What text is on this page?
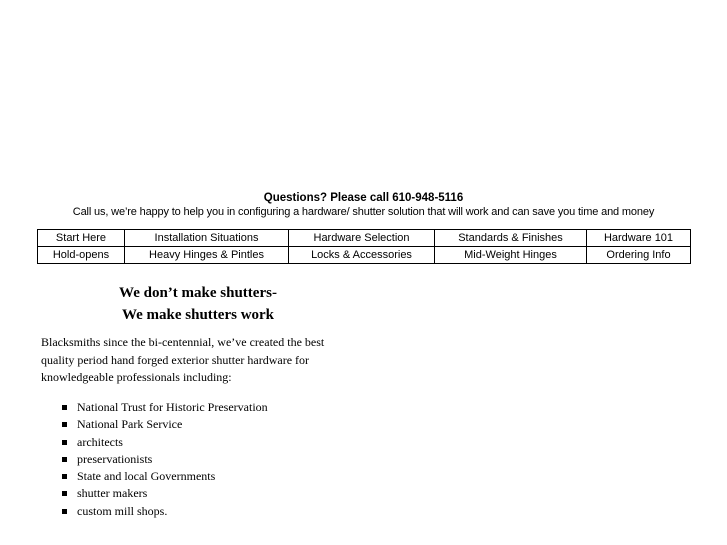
Questions? Please call 610-948-5116
Call us, we’re happy to help you in configuring a hardware/ shutter solution that will work and can save you time and money
Start Here	Installation Situations	Hardware Selection	Standards & Finishes	Hardware 101
Hold-opens	Heavy Hinges & Pintles	Locks & Accessories	Mid-Weight Hinges	Ordering Info
We don’t make shutters-
We make shutters work
Blacksmiths since the bi-centennial, we’ve created the best
quality period hand forged exterior shutter hardware for
knowledgeable professionals including:
National Trust for Historic Preservation
National Park Service
architects
preservationists
State and local Governments
shutter makers
custom mill shops.
